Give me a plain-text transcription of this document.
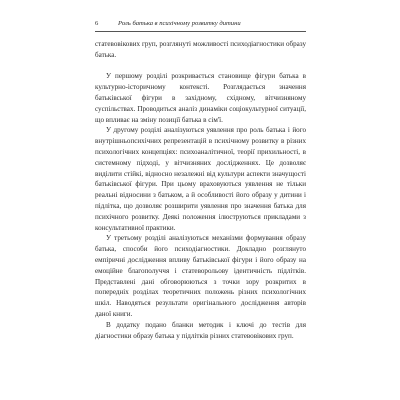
6	Роль батька в психічному розвитку дитини

статевовікових груп, розглянуті можливості психодіагностики образу батька.

У першому розділі розкривається становище фігури батька в культурно-історичному контексті. Розглядається значення батьківської фігури в західному, східному, вітчизняному суспільствах. Проводиться аналіз динаміки соціокультурної ситуації, що впливає на зміну позиції батька в сім'ї.

У другому розділі аналізуються уявлення про роль батька і його внутрішньопсихічних репрезентацій в психічному розвитку в різних психологічних концепціях: психоаналітичної, теорії прихильності, в системному підході, у вітчизняних дослідженнях. Це дозволяє виділити стійкі, відносно незалежні від культури аспекти значущості батьківської фігури. При цьому враховуються уявлення не тільки реальні відносини з батьком, а й особливості його образу у дитини і підлітка, що дозволяє розширити уявлення про значення батька для психічного розвитку. Деякі положення ілюструються прикладами з консультативної практики.

У третьому розділі аналізуються механізми формування образу батька, способи його психодіагностики. Докладно розглянуто емпіричні дослідження впливу батьківської фігури і його образу на емоційне благополуччя і статеворольову ідентичність підлітків. Представлені дані обговорюються з точки зору розкритих в попередніх розділах теоретичних положень різних психологічних шкіл. Наводяться результати оригінального дослідження авторів даної книги.

В додатку подано бланки методик і ключі до тестів для діагностики образу батька у підлітків різних статевовікових груп.
